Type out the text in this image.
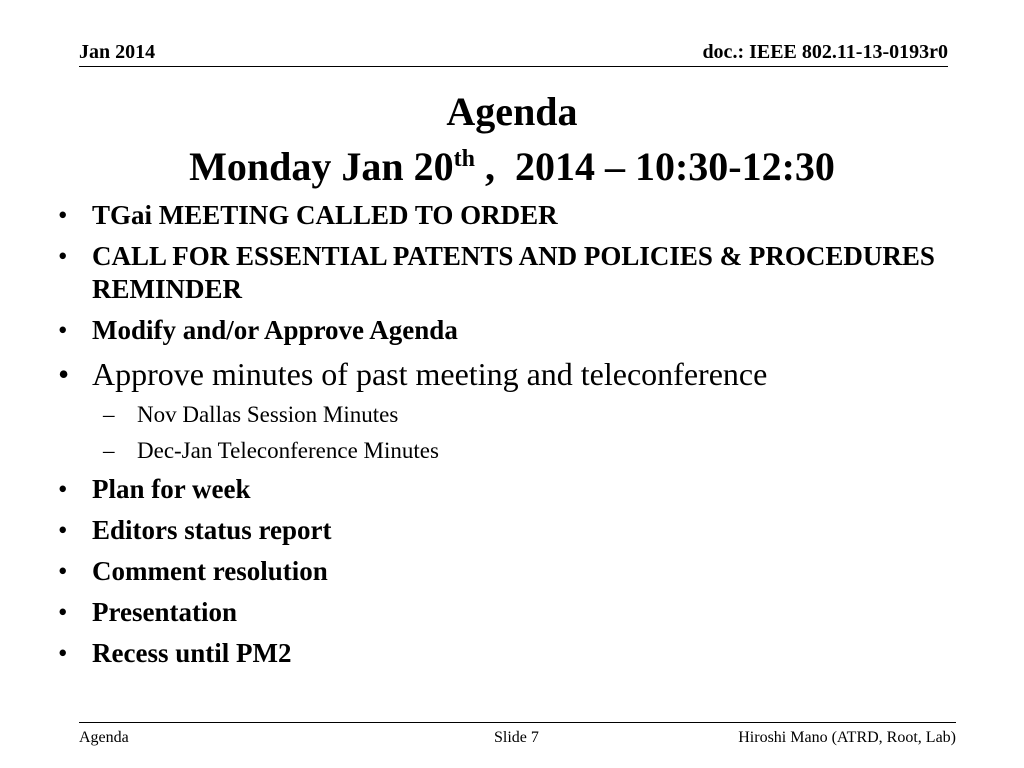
Jan 2014	doc.: IEEE 802.11-13-0193r0
Agenda
Monday Jan 20th ,  2014 – 10:30-12:30
• TGai MEETING CALLED TO ORDER
• CALL FOR ESSENTIAL PATENTS AND POLICIES & PROCEDURES REMINDER
• Modify and/or Approve Agenda
• Approve minutes of past meeting and teleconference
– Nov Dallas Session Minutes
– Dec-Jan Teleconference Minutes
• Plan for week
• Editors status report
• Comment resolution
• Presentation
• Recess until PM2
Agenda	Slide 7	Hiroshi Mano (ATRD, Root, Lab)
